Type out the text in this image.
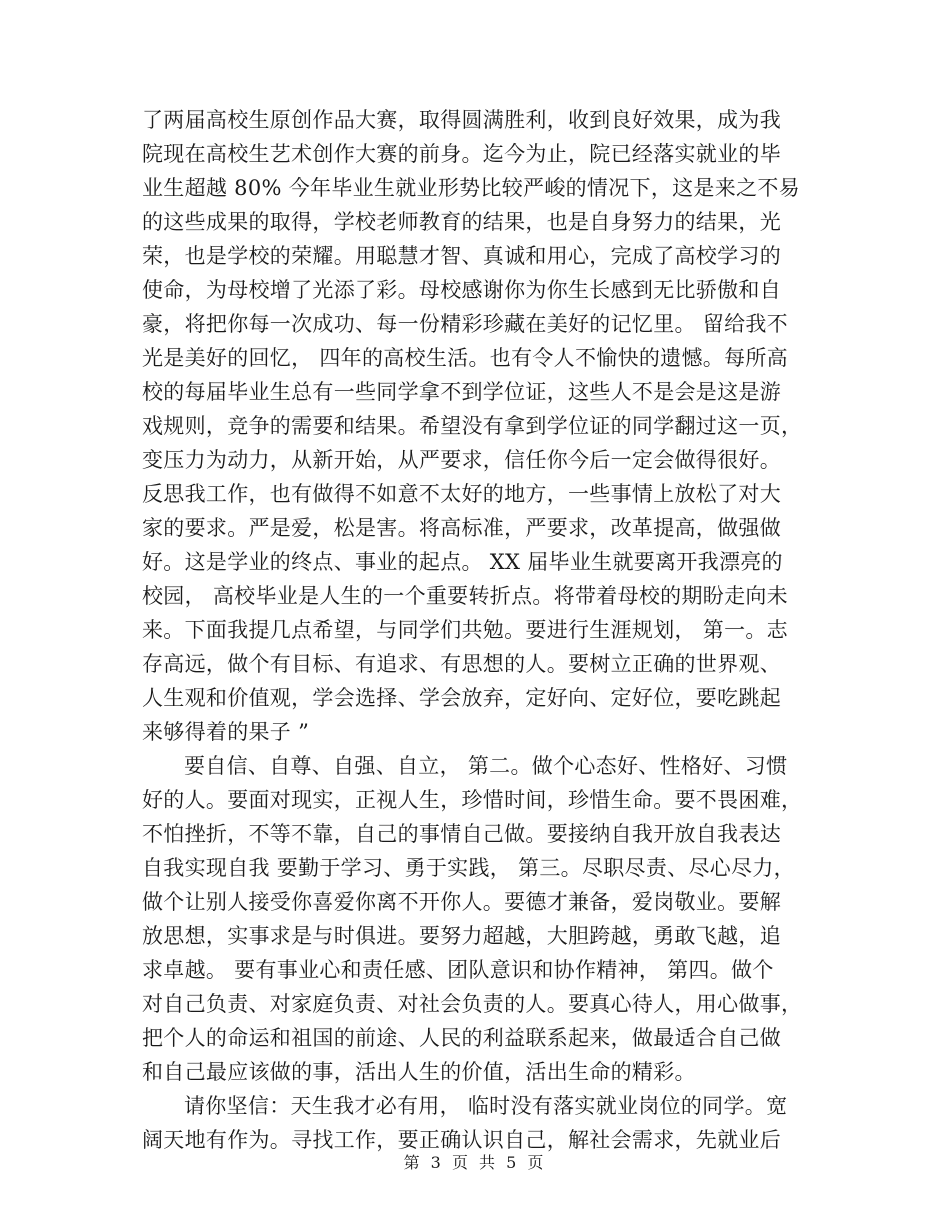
了两届高校生原创作品大赛，取得圆满胜利，收到良好效果，成为我
院现在高校生艺术创作大赛的前身。迄今为止，院已经落实就业的毕
业生超越 80% 今年毕业生就业形势比较严峻的情况下，这是来之不易
的这些成果的取得，学校老师教育的结果，也是自身努力的结果，光
荣，也是学校的荣耀。用聪慧才智、真诚和用心，完成了高校学习的
使命，为母校增了光添了彩。母校感谢你为你生长感到无比骄傲和自
豪，将把你每一次成功、每一份精彩珍藏在美好的记忆里。 留给我不
光是美好的回忆， 四年的高校生活。也有令人不愉快的遗憾。每所高
校的每届毕业生总有一些同学拿不到学位证，这些人不是会是这是游
戏规则，竞争的需要和结果。希望没有拿到学位证的同学翻过这一页，
变压力为动力，从新开始，从严要求，信任你今后一定会做得很好。
反思我工作，也有做得不如意不太好的地方，一些事情上放松了对大
家的要求。严是爱，松是害。将高标准，严要求，改革提高，做强做
好。这是学业的终点、事业的起点。 XX 届毕业生就要离开我漂亮的
校园， 高校毕业是人生的一个重要转折点。将带着母校的期盼走向未
来。下面我提几点希望，与同学们共勉。要进行生涯规划， 第一。志
存高远，做个有目标、有追求、有思想的人。要树立正确的世界观、
人生观和价值观，学会选择、学会放弃，定好向、定好位，要吃跳起
来够得着的果子 ”
要自信、自尊、自强、自立， 第二。做个心态好、性格好、习惯
好的人。要面对现实，正视人生，珍惜时间，珍惜生命。要不畏困难，
不怕挫折，不等不靠，自己的事情自己做。要接纳自我开放自我表达
自我实现自我 要勤于学习、勇于实践， 第三。尽职尽责、尽心尽力，
做个让别人接受你喜爱你离不开你人。要德才兼备，爱岗敬业。要解
放思想，实事求是与时俱进。要努力超越，大胆跨越，勇敢飞越，追
求卓越。 要有事业心和责任感、团队意识和协作精神， 第四。做个
对自己负责、对家庭负责、对社会负责的人。要真心待人，用心做事，
把个人的命运和祖国的前途、人民的利益联系起来，做最适合自己做
和自己最应该做的事，活出人生的价值，活出生命的精彩。
请你坚信：天生我才必有用， 临时没有落实就业岗位的同学。宽
阔天地有作为。寻找工作，要正确认识自己，解社会需求，先就业后
第 3 页 共 5 页
